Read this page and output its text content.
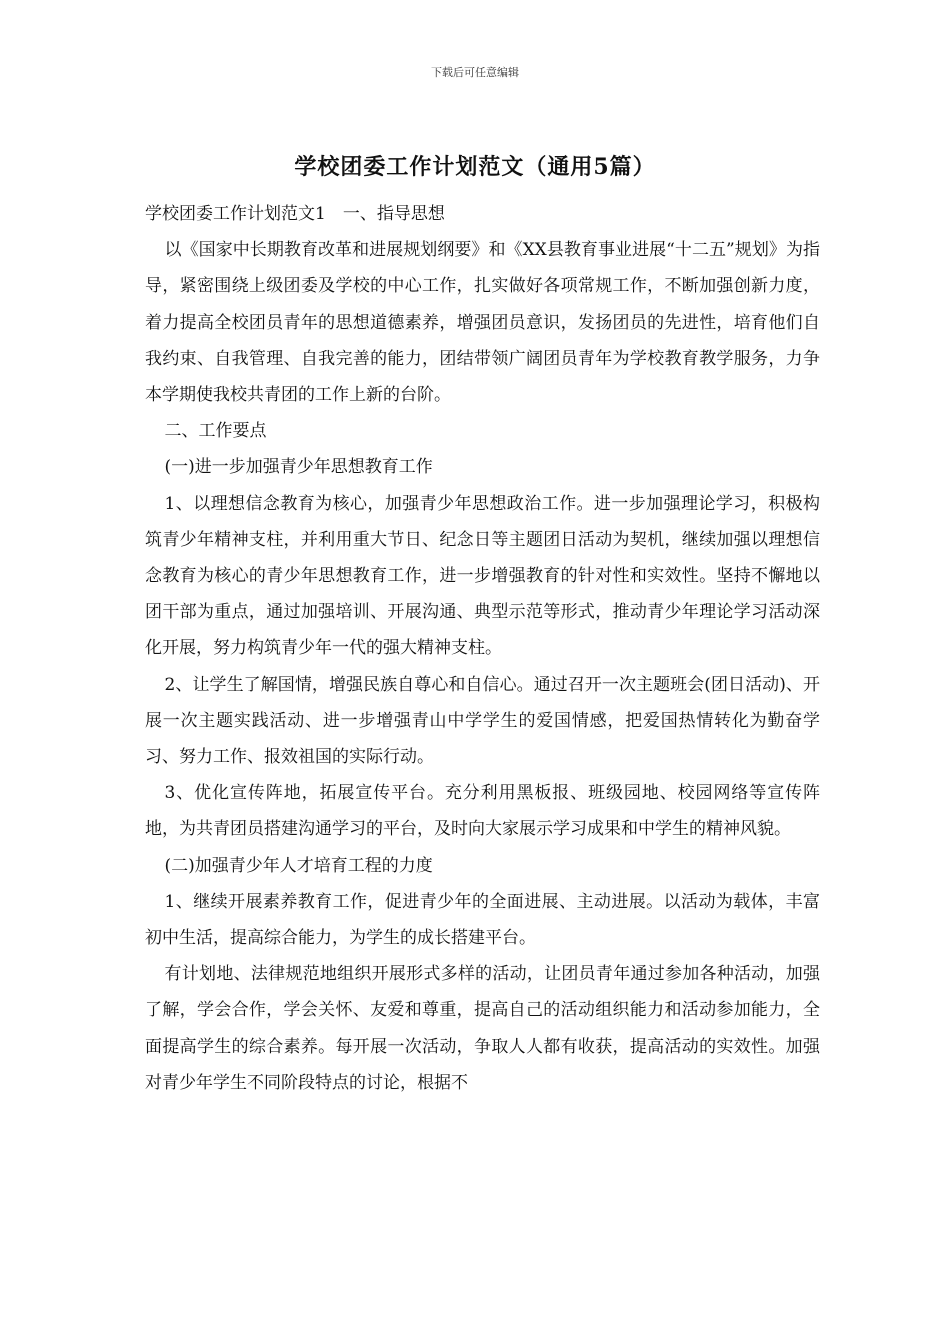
下载后可任意编辑
学校团委工作计划范文（通用5篇）

学校团委工作计划范文1　一、指导思想

以《国家中长期教育改革和进展规划纲要》和《XX县教育事业进展“十二五”规划》为指导，紧密围绕上级团委及学校的中心工作，扎实做好各项常规工作，不断加强创新力度，着力提高全校团员青年的思想道德素养，增强团员意识，发扬团员的先进性，培育他们自我约束、自我管理、自我完善的能力，团结带领广阔团员青年为学校教育教学服务，力争本学期使我校共青团的工作上新的台阶。

二、工作要点

(一)进一步加强青少年思想教育工作

1、以理想信念教育为核心，加强青少年思想政治工作。进一步加强理论学习，积极构筑青少年精神支柱，并利用重大节日、纪念日等主题团日活动为契机，继续加强以理想信念教育为核心的青少年思想教育工作，进一步增强教育的针对性和实效性。坚持不懈地以团干部为重点，通过加强培训、开展沟通、典型示范等形式，推动青少年理论学习活动深化开展，努力构筑青少年一代的强大精神支柱。

2、让学生了解国情，增强民族自尊心和自信心。通过召开一次主题班会(团日活动)、开展一次主题实践活动、进一步增强青山中学学生的爱国情感，把爱国热情转化为勤奋学习、努力工作、报效祖国的实际行动。

3、优化宣传阵地，拓展宣传平台。充分利用黑板报、班级园地、校园网络等宣传阵地，为共青团员搭建沟通学习的平台，及时向大家展示学习成果和中学生的精神风貌。

(二)加强青少年人才培育工程的力度

1、继续开展素养教育工作，促进青少年的全面进展、主动进展。以活动为载体，丰富初中生活，提高综合能力，为学生的成长搭建平台。

有计划地、法律规范地组织开展形式多样的活动，让团员青年通过参加各种活动，加强了解，学会合作，学会关怀、友爱和尊重，提高自己的活动组织能力和活动参加能力，全面提高学生的综合素养。每开展一次活动，争取人人都有收获，提高活动的实效性。加强对青少年学生不同阶段特点的讨论，根据不
